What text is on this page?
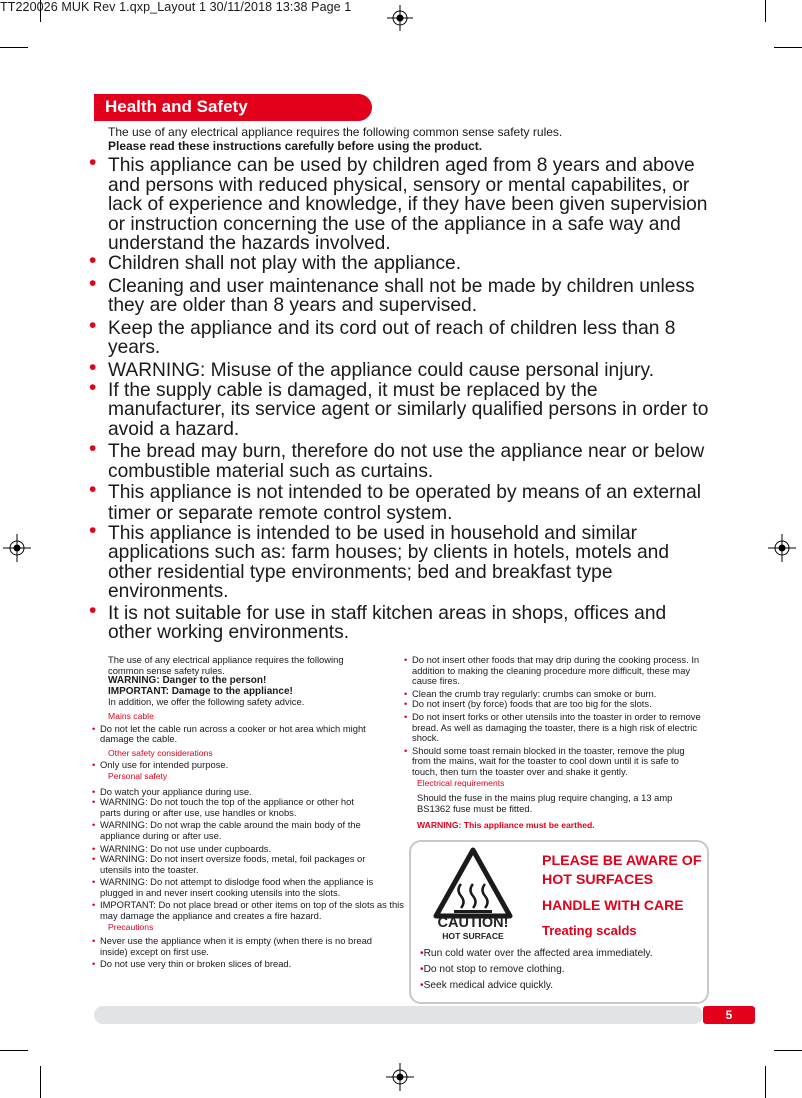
TT220026 MUK Rev 1.qxp_Layout 1 30/11/2018 13:38 Page 1
Health and Safety
The use of any electrical appliance requires the following common sense safety rules.
Please read these instructions carefully before using the product.

• This appliance can be used by children aged from 8 years and above and persons with reduced physical, sensory or mental capabilites, or lack of experience and knowledge, if they have been given supervision or instruction concerning the use of the appliance in a safe way and understand the hazards involved.

• Children shall not play with the appliance.

• Cleaning and user maintenance shall not be made by children unless they are older than 8 years and supervised.

• Keep the appliance and its cord out of reach of children less than 8 years.

• WARNING: Misuse of the appliance could cause personal injury.

• If the supply cable is damaged, it must be replaced by the manufacturer, its service agent or similarly qualified persons in order to avoid a hazard.

• The bread may burn, therefore do not use the appliance near or below combustible material such as curtains.

• This appliance is not intended to be operated by means of an external timer or separate remote control system.

• This appliance is intended to be used in household and similar applications such as: farm houses; by clients in hotels, motels and other residential type environments; bed and breakfast type environments.

• It is not suitable for use in staff kitchen areas in shops, offices and other working environments.

The use of any electrical appliance requires the following common sense safety rules.

WARNING: Danger to the person!

IMPORTANT: Damage to the appliance!

In addition, we offer the following safety advice.

Mains cable

• Do not let the cable run across a cooker or hot area which might damage the cable.

Other safety considerations

• Only use for intended purpose.

Personal safety

• Do watch your appliance during use.

• WARNING: Do not touch the top of the appliance or other hot parts during or after use, use handles or knobs.

• WARNING: Do not wrap the cable around the main body of the appliance during or after use.

• WARNING: Do not use under cupboards.

• WARNING: Do not insert oversize foods, metal, foil packages or utensils into the toaster.

• WARNING: Do not attempt to dislodge food when the appliance is plugged in and never insert cooking utensils into the slots.

• IMPORTANT: Do not place bread or other items on top of the slots as this may damage the appliance and creates a fire hazard.

Precautions

• Never use the appliance when it is empty (when there is no bread inside) except on first use.

• Do not use very thin or broken slices of bread.

• Do not insert other foods that may drip during the cooking process. In addition to making the cleaning procedure more difficult, these may cause fires.

• Clean the crumb tray regularly: crumbs can smoke or burn.

• Do not insert (by force) foods that are too big for the slots.

• Do not insert forks or other utensils into the toaster in order to remove bread. As well as damaging the toaster, there is a high risk of electric shock.

• Should some toast remain blocked in the toaster, remove the plug from the mains, wait for the toaster to cool down until it is safe to touch, then turn the toaster over and shake it gently.

Electrical requirements

Should the fuse in the mains plug require changing, a 13 amp BS1362 fuse must be fitted.

WARNING: This appliance must be earthed.

CAUTION!
HOT SURFACE
PLEASE BE AWARE OF HOT SURFACES
HANDLE WITH CARE
Treating scalds
• Run cold water over the affected area immediately.
• Do not stop to remove clothing.
• Seek medical advice quickly.
5
